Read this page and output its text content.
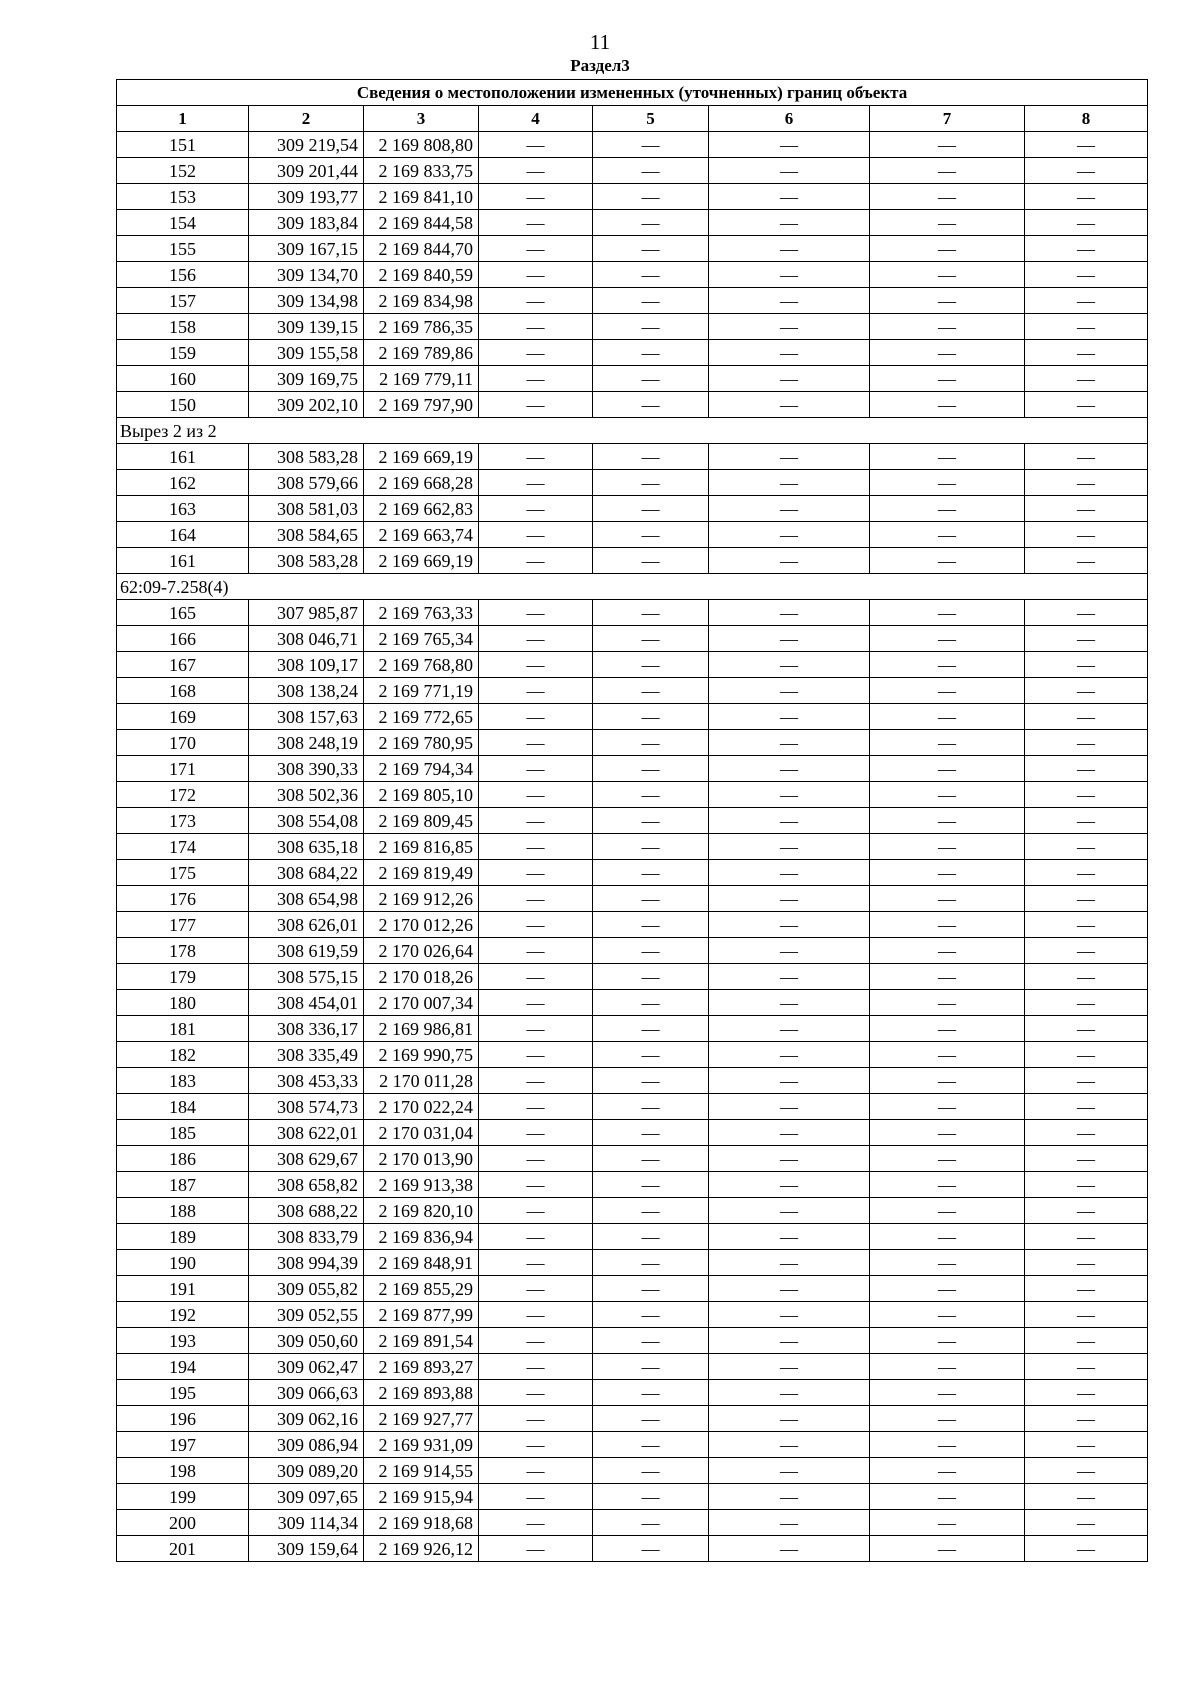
11
Раздел3
Сведения о местоположении измененных (уточненных) границ объекта							
1	2	3	4	5	6	7	8
151	309 219,54	2 169 808,80	—	—	—	—	—
152	309 201,44	2 169 833,75	—	—	—	—	—
153	309 193,77	2 169 841,10	—	—	—	—	—
154	309 183,84	2 169 844,58	—	—	—	—	—
155	309 167,15	2 169 844,70	—	—	—	—	—
156	309 134,70	2 169 840,59	—	—	—	—	—
157	309 134,98	2 169 834,98	—	—	—	—	—
158	309 139,15	2 169 786,35	—	—	—	—	—
159	309 155,58	2 169 789,86	—	—	—	—	—
160	309 169,75	2 169 779,11	—	—	—	—	—
150	309 202,10	2 169 797,90	—	—	—	—	—
Вырез 2 из 2							
161	308 583,28	2 169 669,19	—	—	—	—	—
162	308 579,66	2 169 668,28	—	—	—	—	—
163	308 581,03	2 169 662,83	—	—	—	—	—
164	308 584,65	2 169 663,74	—	—	—	—	—
161	308 583,28	2 169 669,19	—	—	—	—	—
62:09-7.258(4)							
165	307 985,87	2 169 763,33	—	—	—	—	—
166	308 046,71	2 169 765,34	—	—	—	—	—
167	308 109,17	2 169 768,80	—	—	—	—	—
168	308 138,24	2 169 771,19	—	—	—	—	—
169	308 157,63	2 169 772,65	—	—	—	—	—
170	308 248,19	2 169 780,95	—	—	—	—	—
171	308 390,33	2 169 794,34	—	—	—	—	—
172	308 502,36	2 169 805,10	—	—	—	—	—
173	308 554,08	2 169 809,45	—	—	—	—	—
174	308 635,18	2 169 816,85	—	—	—	—	—
175	308 684,22	2 169 819,49	—	—	—	—	—
176	308 654,98	2 169 912,26	—	—	—	—	—
177	308 626,01	2 170 012,26	—	—	—	—	—
178	308 619,59	2 170 026,64	—	—	—	—	—
179	308 575,15	2 170 018,26	—	—	—	—	—
180	308 454,01	2 170 007,34	—	—	—	—	—
181	308 336,17	2 169 986,81	—	—	—	—	—
182	308 335,49	2 169 990,75	—	—	—	—	—
183	308 453,33	2 170 011,28	—	—	—	—	—
184	308 574,73	2 170 022,24	—	—	—	—	—
185	308 622,01	2 170 031,04	—	—	—	—	—
186	308 629,67	2 170 013,90	—	—	—	—	—
187	308 658,82	2 169 913,38	—	—	—	—	—
188	308 688,22	2 169 820,10	—	—	—	—	—
189	308 833,79	2 169 836,94	—	—	—	—	—
190	308 994,39	2 169 848,91	—	—	—	—	—
191	309 055,82	2 169 855,29	—	—	—	—	—
192	309 052,55	2 169 877,99	—	—	—	—	—
193	309 050,60	2 169 891,54	—	—	—	—	—
194	309 062,47	2 169 893,27	—	—	—	—	—
195	309 066,63	2 169 893,88	—	—	—	—	—
196	309 062,16	2 169 927,77	—	—	—	—	—
197	309 086,94	2 169 931,09	—	—	—	—	—
198	309 089,20	2 169 914,55	—	—	—	—	—
199	309 097,65	2 169 915,94	—	—	—	—	—
200	309 114,34	2 169 918,68	—	—	—	—	—
201	309 159,64	2 169 926,12	—	—	—	—	—
